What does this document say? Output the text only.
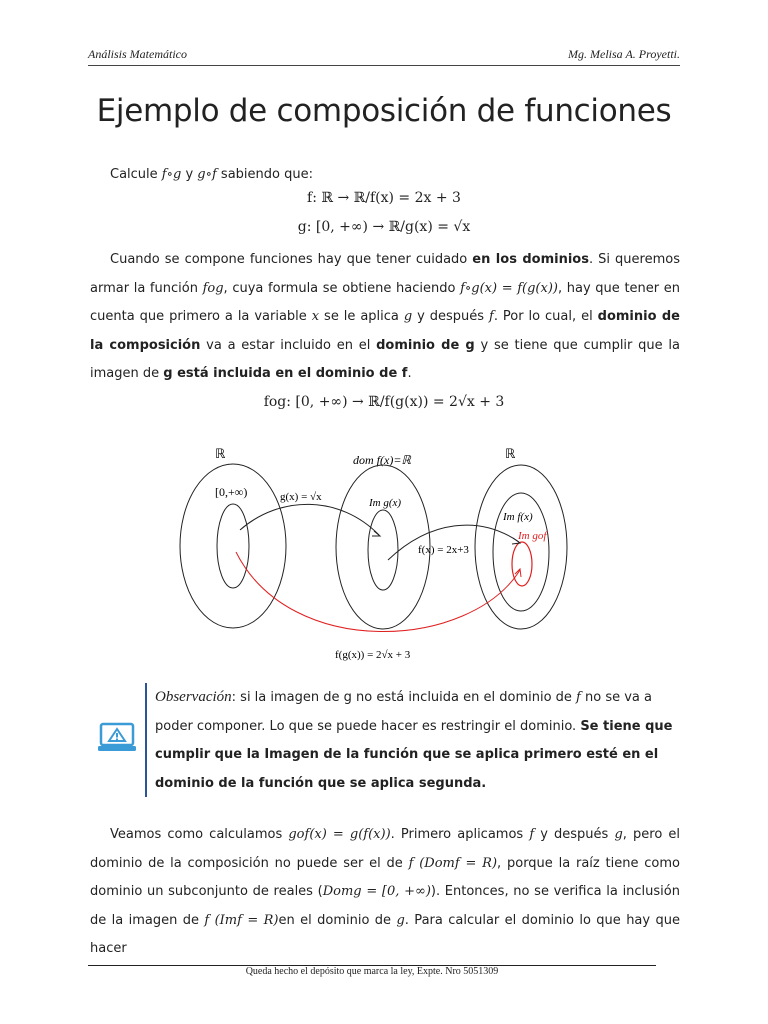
Análisis Matemático	Mg. Melisa A. Proyetti.
Ejemplo de composición de funciones
Calcule f∘g y g∘f sabiendo que:
f: ℝ → ℝ/f(x) = 2x + 3
g: [0, +∞) → ℝ/g(x) = √x
Cuando se compone funciones hay que tener cuidado en los dominios. Si queremos armar la función fog, cuya formula se obtiene haciendo f∘g(x) = f(g(x)), hay que tener en cuenta que primero a la variable x se le aplica g y después f. Por lo cual, el dominio de la composición va a estar incluido en el dominio de g y se tiene que cumplir que la imagen de g está incluida en el dominio de f.
fog: [0, +∞) → ℝ/f(g(x)) = 2√x + 3
ℝ	dom f(x)=ℝ	ℝ
[0,+∞)	g(x) = √x	Im g(x)
Im f(x)
Im gof
f(x) = 2x+3
f(g(x)) = 2√x + 3
Observación: si la imagen de g no está incluida en el dominio de f no se va a poder componer. Lo que se puede hacer es restringir el dominio. Se tiene que cumplir que la Imagen de la función que se aplica primero esté en el dominio de la función que se aplica segunda.
Veamos como calculamos gof(x) = g(f(x)). Primero aplicamos f y después g, pero el dominio de la composición no puede ser el de f (Domf = R), porque la raíz tiene como dominio un subconjunto de reales (Domg = [0, +∞)). Entonces, no se verifica la inclusión de la imagen de f (Imf = R)en el dominio de g. Para calcular el dominio lo que hay que hacer
Queda hecho el depósito que marca la ley, Expte. Nro 5051309
